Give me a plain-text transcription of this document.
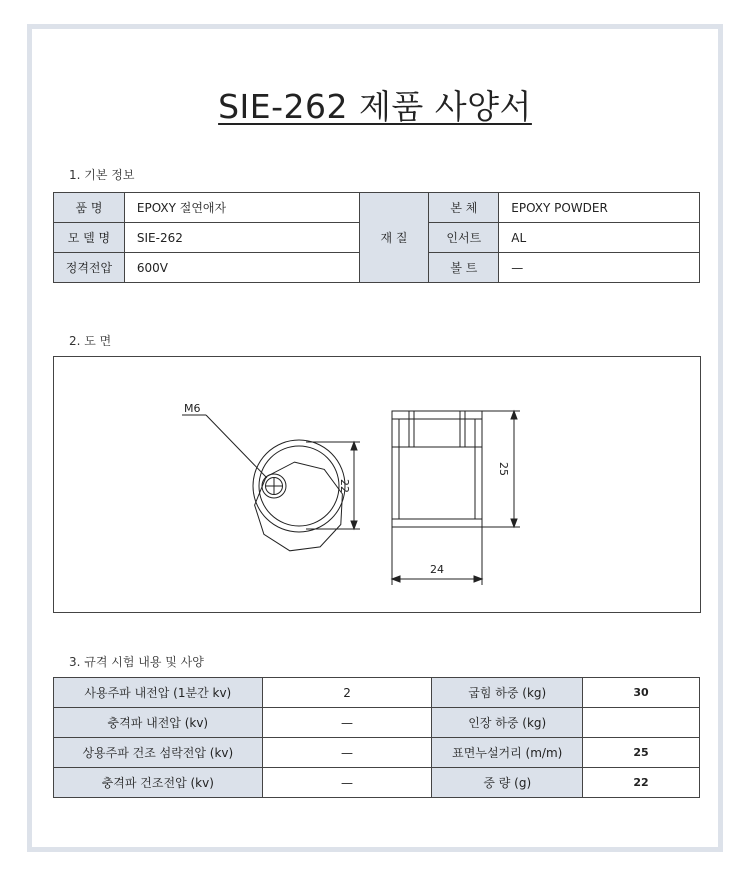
SIE-262 제품 사양서
1. 기본 정보
품 명	EPOXY 절연애자	재 질	본 체	EPOXY POWDER
모 델 명	SIE-262		인서트	AL
정격전압	600V		볼 트	—
2. 도 면
M6
22
25
24
3. 규격 시험 내용 및 사양
사용주파 내전압 (1분간 kv)	2	굽힘 하중 (kg)	30
충격파 내전압 (kv)	—	인장 하중 (kg)	
상용주파 건조 섬락전압 (kv)	—	표면누설거리 (m/m)	25
충격파 건조전압 (kv)	—	중 량 (g)	22
